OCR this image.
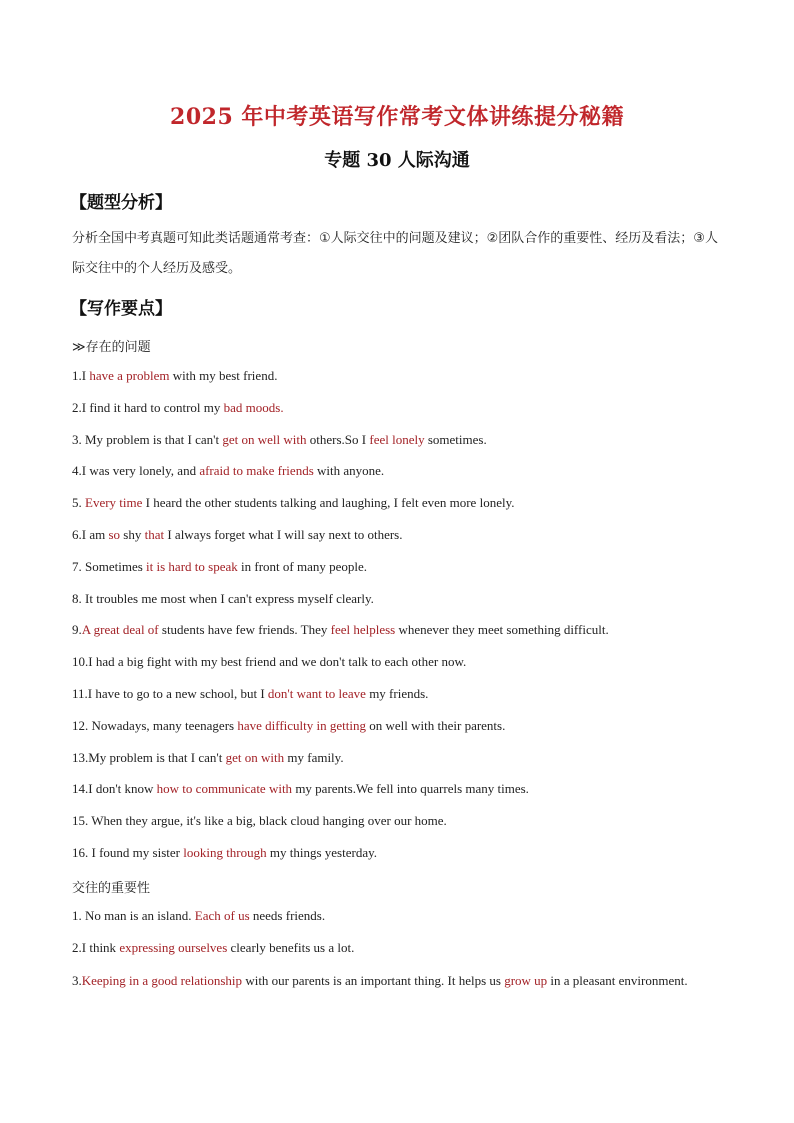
2025 年中考英语写作常考文体讲练提分秘籍
专题 30 人际沟通
【题型分析】
分析全国中考真题可知此类话题通常考查：①人际交往中的问题及建议；②团队合作的重要性、经历及看法；③人际交往中的个人经历及感受。
【写作要点】
≫存在的问题
1.I have a problem with my best friend.
2.I find it hard to control my bad moods.
3. My problem is that I can't get on well with others.So I feel lonely sometimes.
4.I was very lonely, and afraid to make friends with anyone.
5. Every time I heard the other students talking and laughing, I felt even more lonely.
6.I am so shy that I always forget what I will say next to others.
7. Sometimes it is hard to speak in front of many people.
8. It troubles me most when I can't express myself clearly.
9.A great deal of students have few friends. They feel helpless whenever they meet something difficult.
10.I had a big fight with my best friend and we don't talk to each other now.
11.I have to go to a new school, but I don't want to leave my friends.
12. Nowadays, many teenagers have difficulty in getting on well with their parents.
13.My problem is that I can't get on with my family.
14.I don't know how to communicate with my parents.We fell into quarrels many times.
15. When they argue, it's like a big, black cloud hanging over our home.
16. I found my sister looking through my things yesterday.
交往的重要性
1. No man is an island. Each of us needs friends.
2.I think expressing ourselves clearly benefits us a lot.
3.Keeping in a good relationship with our parents is an important thing. It helps us grow up in a pleasant environment.
